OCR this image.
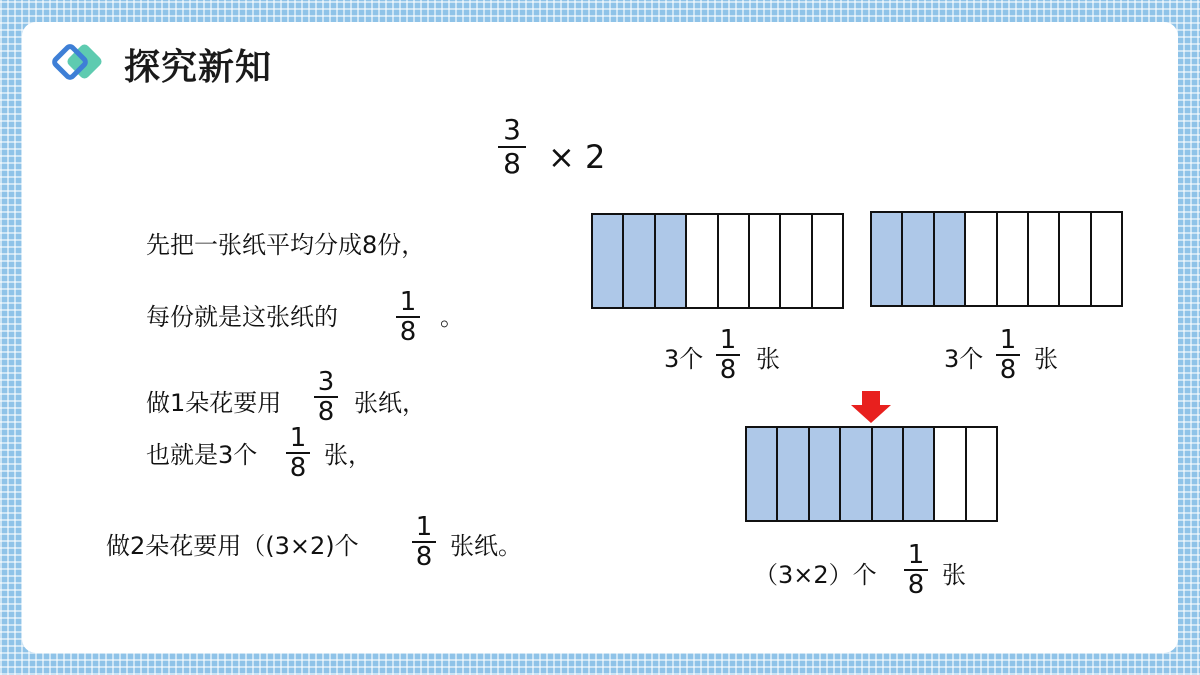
探究新知
3
8 × 2
先把一张纸平均分成8份，
每份就是这张纸的 1
8 。
做1朵花要用
3
8 张纸，
也就是3个
1
8 张，
做2朵花要用（(3×2)个
1
8 张纸。
3个
1
8 张	3个
1
8 张
（3×2）个
1
8 张
